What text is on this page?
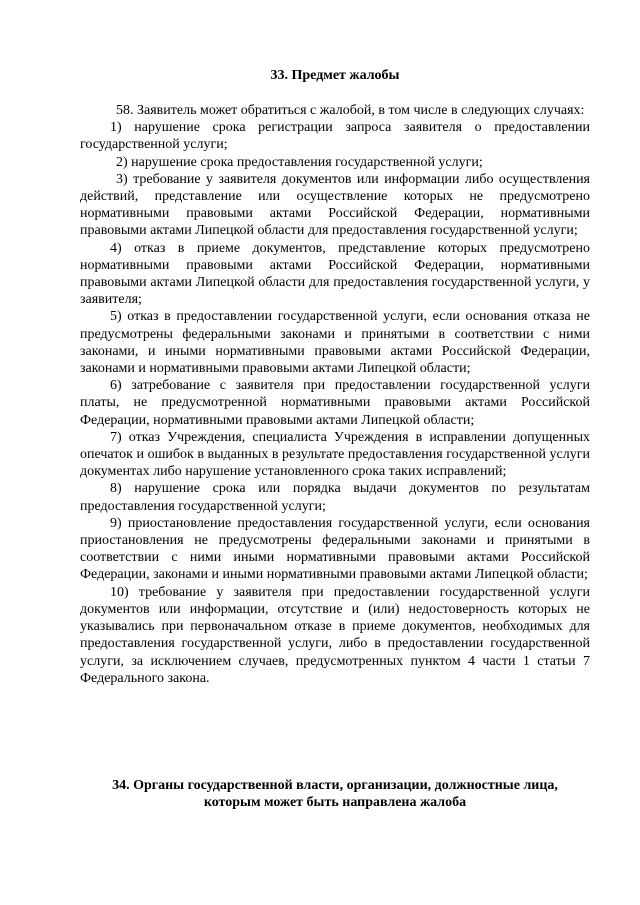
33. Предмет жалобы

58. Заявитель может обратиться с жалобой, в том числе в следующих случаях:

1) нарушение срока регистрации запроса заявителя о предоставлении государственной услуги;

2) нарушение срока предоставления государственной услуги;

3) требование у заявителя документов или информации либо осуществления действий, представление или осуществление которых не предусмотрено нормативными правовыми актами Российской Федерации, нормативными правовыми актами Липецкой области для предоставления государственной услуги;

4) отказ в приеме документов, представление которых предусмотрено нормативными правовыми актами Российской Федерации, нормативными правовыми актами Липецкой области для предоставления государственной услуги, у заявителя;

5) отказ в предоставлении государственной услуги, если основания отказа не предусмотрены федеральными законами и принятыми в соответствии с ними законами, и иными нормативными правовыми актами Российской Федерации, законами и нормативными правовыми актами Липецкой области;

6) затребование с заявителя при предоставлении государственной услуги платы, не предусмотренной нормативными правовыми актами Российской Федерации, нормативными правовыми актами Липецкой области;

7) отказ Учреждения, специалиста Учреждения в исправлении допущенных опечаток и ошибок в выданных в результате предоставления государственной услуги документах либо нарушение установленного срока таких исправлений;

8) нарушение срока или порядка выдачи документов по результатам предоставления государственной услуги;

9) приостановление предоставления государственной услуги, если основания приостановления не предусмотрены федеральными законами и принятыми в соответствии с ними иными нормативными правовыми актами Российской Федерации, законами и иными нормативными правовыми актами Липецкой области;

10) требование у заявителя при предоставлении государственной услуги документов или информации, отсутствие и (или) недостоверность которых не указывались при первоначальном отказе в приеме документов, необходимых для предоставления государственной услуги, либо в предоставлении государственной услуги, за исключением случаев, предусмотренных пунктом 4 части 1 статьи 7 Федерального закона.

34. Органы государственной власти, организации, должностные лица,
которым может быть направлена жалоба
